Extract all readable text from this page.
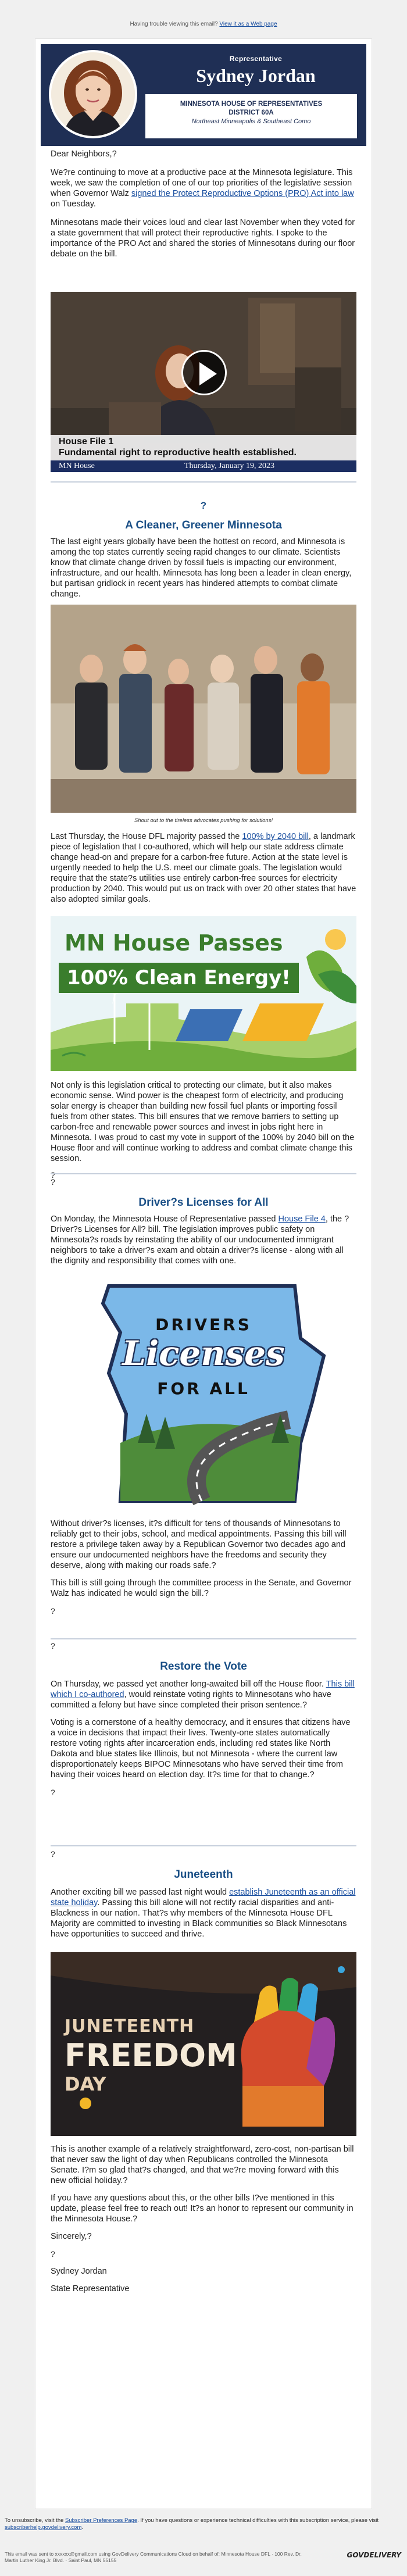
Having trouble viewing this email? View it as a Web page
Representative
Sydney Jordan
MINNESOTA HOUSE OF REPRESENTATIVES
DISTRICT 60A
Northeast Minneapolis & Southeast Como

Dear Neighbors,?

We?re continuing to move at a productive pace at the Minnesota legislature. This week, we saw the completion of one of our top priorities of the legislative session when Governor Walz signed the Protect Reproductive Options (PRO) Act into law on Tuesday.

Minnesotans made their voices loud and clear last November when they voted for a state government that will protect their reproductive rights. I spoke to the importance of the PRO Act and shared the stories of Minnesotans during our floor debate on the bill.

House File 1
Fundamental right to reproductive health established.
MN House	Thursday, January 19, 2023
?
A Cleaner, Greener Minnesota

The last eight years globally have been the hottest on record, and Minnesota is among the top states currently seeing rapid changes to our climate. Scientists know that climate change driven by fossil fuels is impacting our environment, infrastructure, and our health. Minnesota has long been a leader in clean energy, but partisan gridlock in recent years has hindered attempts to combat climate change.

Shout out to the tireless advocates pushing for solutions!

Last Thursday, the House DFL majority passed the 100% by 2040 bill, a landmark piece of legislation that I co-authored, which will help our state address climate change head-on and prepare for a carbon-free future. Action at the state level is urgently needed to help the U.S. meet our climate goals. The legislation would require that the state?s utilities use entirely carbon-free sources for electricity production by 2040. This would put us on track with over 20 other states that have also adopted similar goals.

MN House Passes
100% Clean Energy!

Not only is this legislation critical to protecting our climate, but it also makes economic sense. Wind power is the cheapest form of electricity, and producing solar energy is cheaper than building new fossil fuel plants or importing fossil fuels from other states. This bill ensures that we remove barriers to setting up carbon-free and renewable power sources and invest in jobs right here in Minnesota. I was proud to cast my vote in support of the 100% by 2040 bill on the House floor and will continue working to address and combat climate change this session.

?

?

Driver?s Licenses for All

On Monday, the Minnesota House of Representative passed House File 4, the ? Driver?s Licenses for All? bill. The legislation improves public safety on Minnesota?s roads by reinstating the ability of our undocumented immigrant neighbors to take a driver?s exam and obtain a driver?s license - along with all the dignity and responsibility that comes with one.

DRIVERS
Licenses
FOR ALL

Without driver?s licenses, it?s difficult for tens of thousands of Minnesotans to reliably get to their jobs, school, and medical appointments. Passing this bill will restore a privilege taken away by a Republican Governor two decades ago and ensure our undocumented neighbors have the freedoms and security they deserve, along with making our roads safe.?

This bill is still going through the committee process in the Senate, and Governor Walz has indicated he would sign the bill.?

?

?

Restore the Vote

On Thursday, we passed yet another long-awaited bill off the House floor. This bill which I co-authored, would reinstate voting rights to Minnesotans who have committed a felony but have since completed their prison sentence.?

Voting is a cornerstone of a healthy democracy, and it ensures that citizens have a voice in decisions that impact their lives. Twenty-one states automatically restore voting rights after incarceration ends, including red states like North Dakota and blue states like Illinois, but not Minnesota - where the current law disproportionately keeps BIPOC Minnesotans who have served their time from having their voices heard on election day. It?s time for that to change.?

?

?

Juneteenth

Another exciting bill we passed last night would establish Juneteenth as an official state holiday. Passing this bill alone will not rectify racial disparities and anti-Blackness in our nation. That?s why members of the Minnesota House DFL Majority are committed to investing in Black communities so Black Minnesotans have opportunities to succeed and thrive.

JUNETEENTH
FREEDOM
DAY

This is another example of a relatively straightforward, zero-cost, non-partisan bill that never saw the light of day when Republicans controlled the Minnesota Senate. I?m so glad that?s changed, and that we?re moving forward with this new official holiday.?

If you have any questions about this, or the other bills I?ve mentioned in this update, please feel free to reach out! It?s an honor to represent our community in the Minnesota House.?

Sincerely,?

?

Sydney Jordan

State Representative

To unsubscribe, visit the Subscriber Preferences Page. If you have questions or experience technical difficulties with this subscription service, please visit subscriberhelp.govdelivery.com.
This email was sent to xxxxxx@gmail.com using GovDelivery Communications Cloud on behalf of: Minnesota House DFL · 100 Rev. Dr. Martin Luther King Jr. Blvd. · Saint Paul, MN 55155
GOVDELIVERY
